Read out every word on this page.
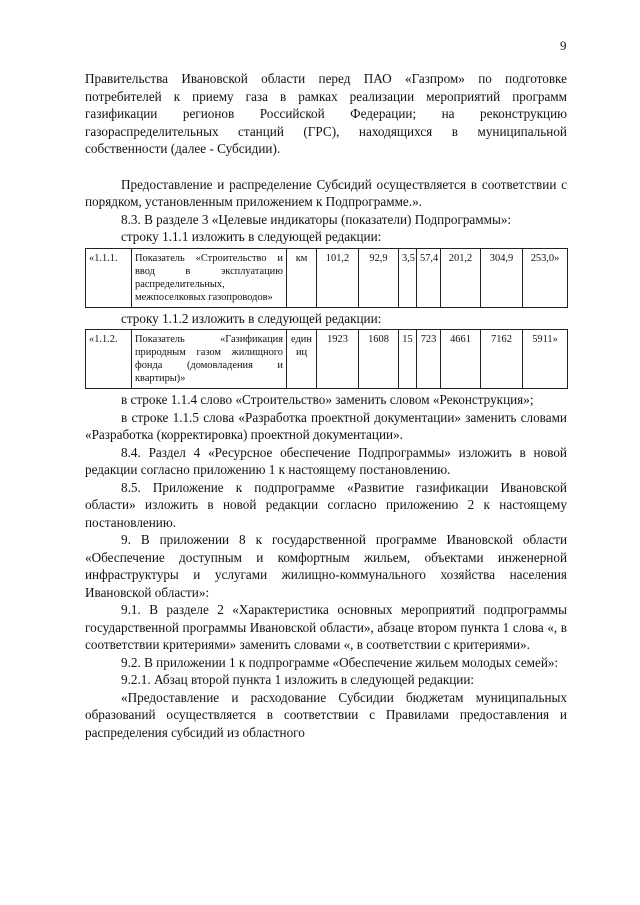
9

Правительства Ивановской области перед ПАО «Газпром» по подготовке потребителей к приему газа в рамках реализации мероприятий программ газификации регионов Российской Федерации; на реконструкцию газораспределительных станций (ГРС), находящихся в муниципальной собственности (далее - Субсидии).

Предоставление и распределение Субсидий осуществляется в соответствии с порядком, установленным приложением к Подпрограмме.».

8.3. В разделе 3 «Целевые индикаторы (показатели) Подпрограммы»:

строку 1.1.1 изложить в следующей редакции:

«1.1.1.	Показатель «Строительство и ввод в эксплуатацию распределительных, межпоселковых газопроводов»	км	101,2	92,9	3,5	57,4	201,2	304,9	253,0»

строку 1.1.2 изложить в следующей редакции:

«1.1.2.	Показатель «Газификация природным газом жилищного фонда (домовладения и квартиры)»	единиц	1923	1608	15	723	4661	7162	5911»

в строке 1.1.4 слово «Строительство» заменить словом «Реконструкция»;

в строке 1.1.5 слова «Разработка проектной документации» заменить словами «Разработка (корректировка) проектной документации».

8.4. Раздел 4 «Ресурсное обеспечение Подпрограммы» изложить в новой редакции согласно приложению 1 к настоящему постановлению.

8.5. Приложение к подпрограмме «Развитие газификации Ивановской области» изложить в новой редакции согласно приложению 2 к настоящему постановлению.

9. В приложении 8 к государственной программе Ивановской области «Обеспечение доступным и комфортным жильем, объектами инженерной инфраструктуры и услугами жилищно-коммунального хозяйства населения Ивановской области»:

9.1. В разделе 2 «Характеристика основных мероприятий подпрограммы государственной программы Ивановской области», абзаце втором пункта 1 слова «, в соответствии критериями» заменить словами «, в соответствии с критериями».

9.2. В приложении 1 к подпрограмме «Обеспечение жильем молодых семей»:

9.2.1. Абзац второй пункта 1 изложить в следующей редакции:

«Предоставление и расходование Субсидии бюджетам муниципальных образований осуществляется в соответствии с Правилами предоставления и распределения субсидий из областного
